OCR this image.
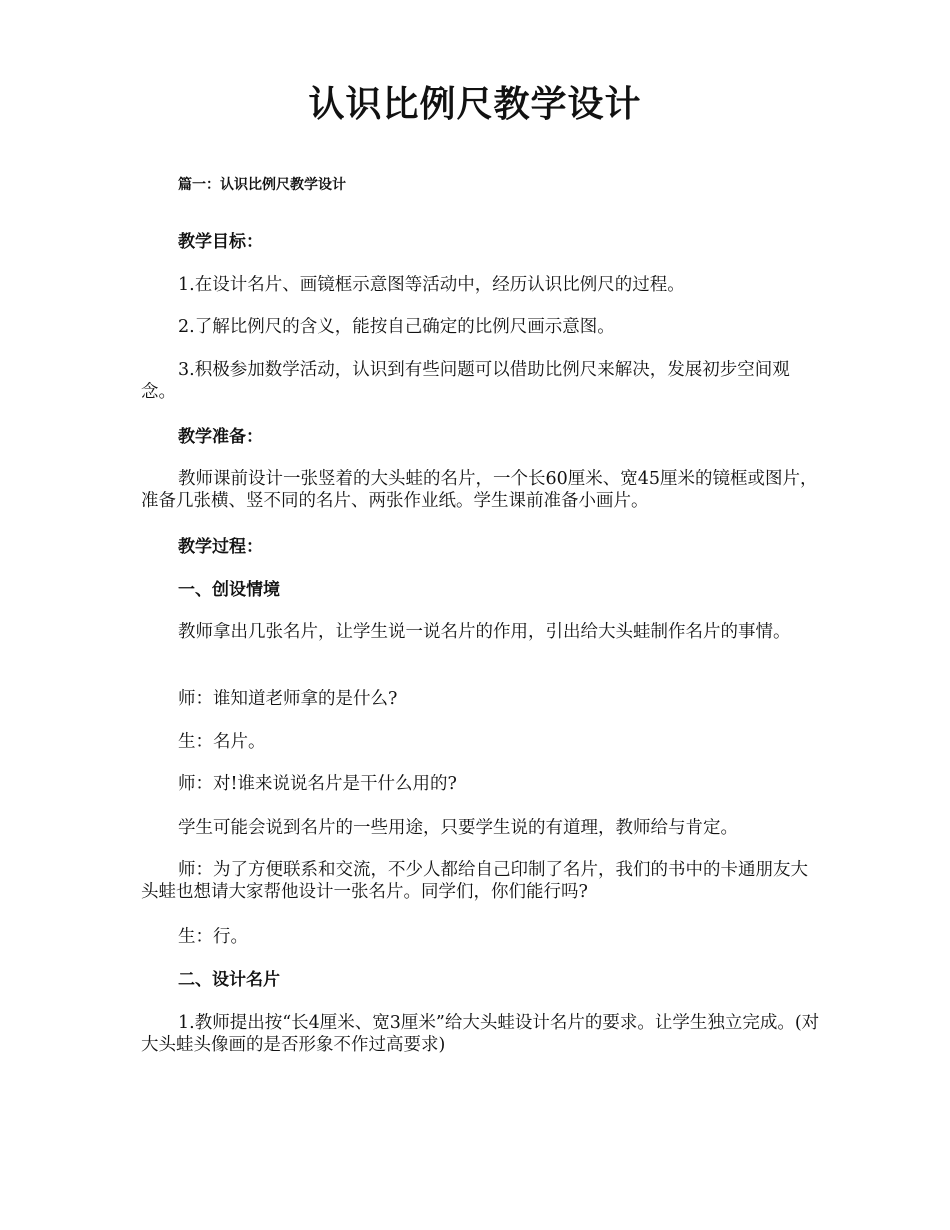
认识比例尺教学设计
篇一：认识比例尺教学设计
教学目标：
1.在设计名片、画镜框示意图等活动中，经历认识比例尺的过程。
2.了解比例尺的含义，能按自己确定的比例尺画示意图。
3.积极参加数学活动，认识到有些问题可以借助比例尺来解决，发展初步空间观念。
教学准备：
教师课前设计一张竖着的大头蛙的名片，一个长60厘米、宽45厘米的镜框或图片，准备几张横、竖不同的名片、两张作业纸。学生课前准备小画片。
教学过程：
一、创设情境
教师拿出几张名片，让学生说一说名片的作用，引出给大头蛙制作名片的事情。
师：谁知道老师拿的是什么?
生：名片。
师：对!谁来说说名片是干什么用的?
学生可能会说到名片的一些用途，只要学生说的有道理，教师给与肯定。
师：为了方便联系和交流，不少人都给自己印制了名片，我们的书中的卡通朋友大头蛙也想请大家帮他设计一张名片。同学们，你们能行吗?
生：行。
二、设计名片
1.教师提出按“长4厘米、宽3厘米”给大头蛙设计名片的要求。让学生独立完成。(对大头蛙头像画的是否形象不作过高要求)
